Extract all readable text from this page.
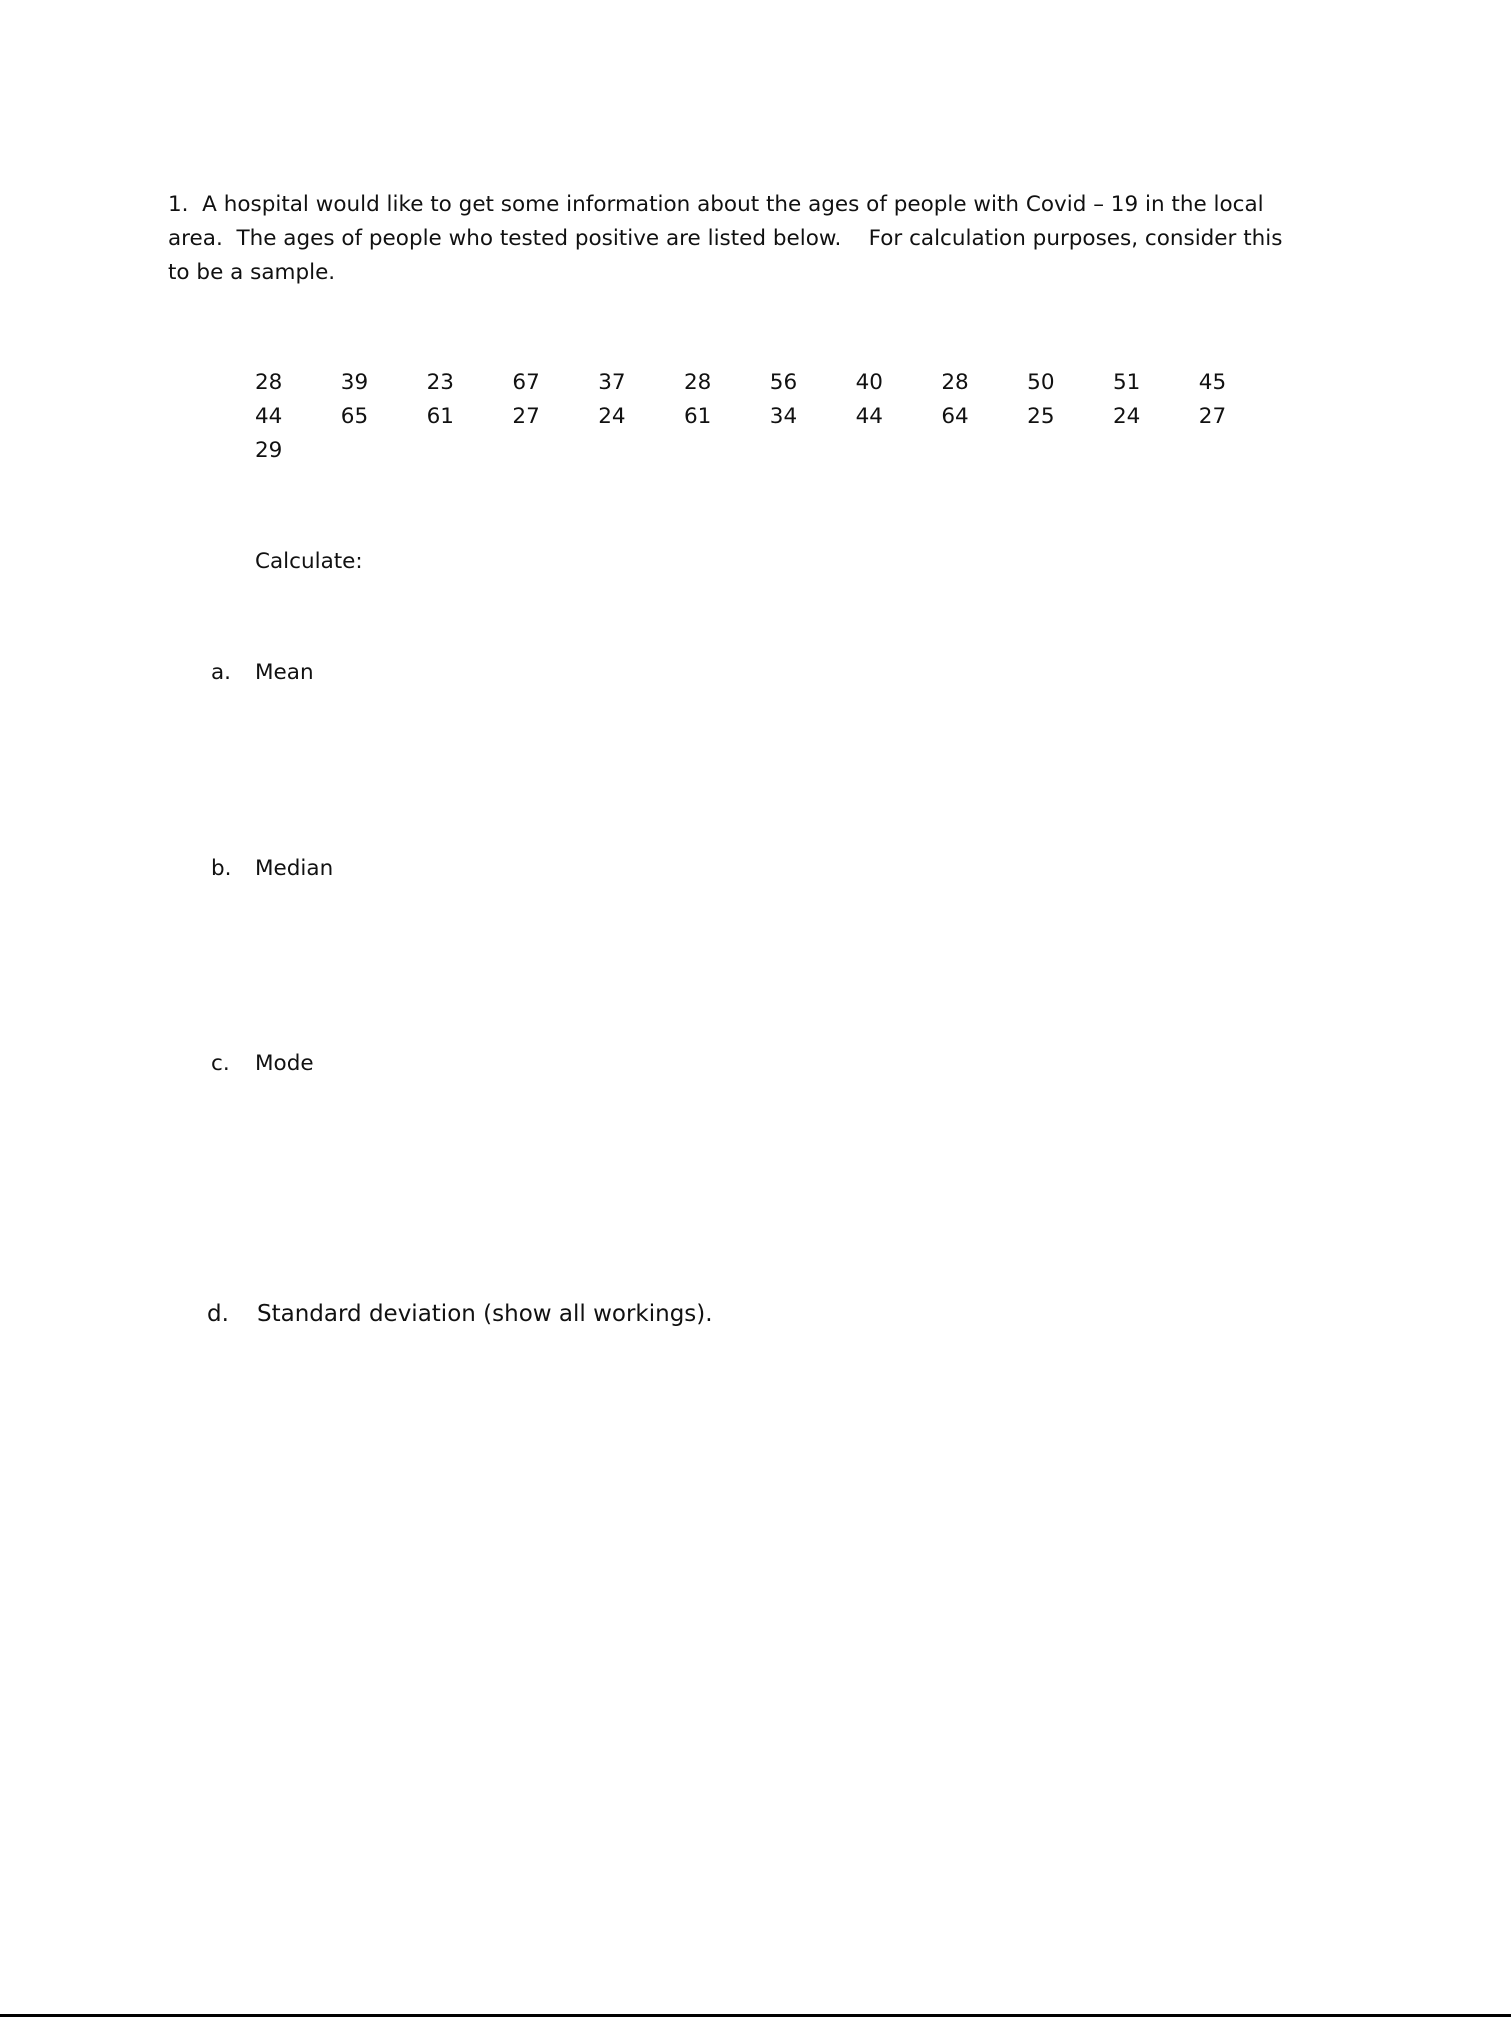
1.  A hospital would like to get some information about the ages of people with Covid – 19 in the local
area.  The ages of people who tested positive are listed below.    For calculation purposes, consider this
to be a sample.

28	39	23	67	37	28	56	40	28	50	51	45
44	65	61	27	24	61	34	44	64	25	24	27
29
Calculate:
a. Mean
b. Median
c. Mode
d. Standard deviation (show all workings).
